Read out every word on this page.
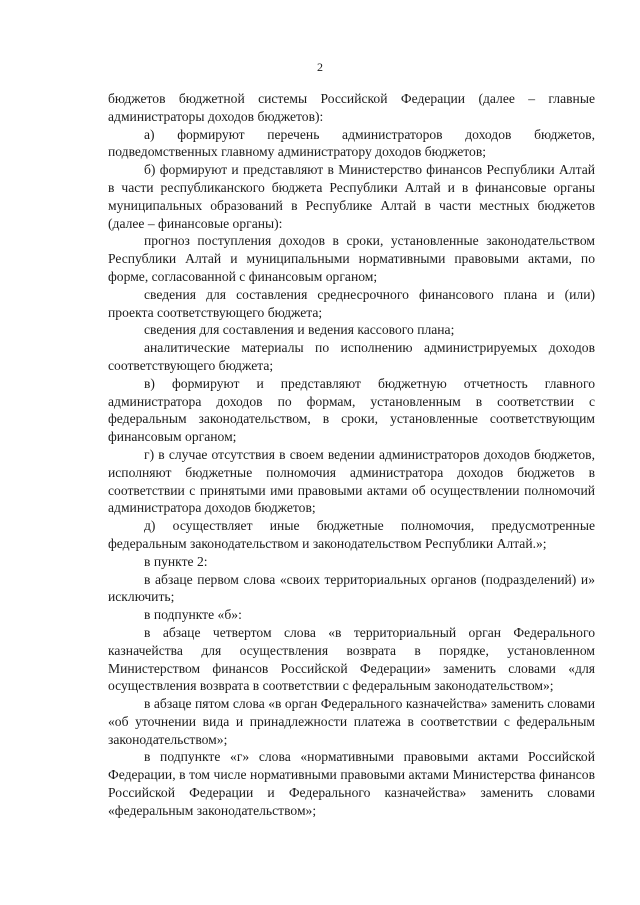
2

бюджетов бюджетной системы Российской Федерации (далее – главные администраторы доходов бюджетов):

а) формируют перечень администраторов доходов бюджетов, подведомственных главному администратору доходов бюджетов;

б) формируют и представляют в Министерство финансов Республики Алтай в части республиканского бюджета Республики Алтай и в финансовые органы муниципальных образований в Республике Алтай в части местных бюджетов (далее – финансовые органы):

прогноз поступления доходов в сроки, установленные законодательством Республики Алтай и муниципальными нормативными правовыми актами, по форме, согласованной с финансовым органом;

сведения для составления среднесрочного финансового плана и (или) проекта соответствующего бюджета;

сведения для составления и ведения кассового плана;

аналитические материалы по исполнению администрируемых доходов соответствующего бюджета;

в) формируют и представляют бюджетную отчетность главного администратора доходов по формам, установленным в соответствии с федеральным законодательством, в сроки, установленные соответствующим финансовым органом;

г) в случае отсутствия в своем ведении администраторов доходов бюджетов, исполняют бюджетные полномочия администратора доходов бюджетов в соответствии с принятыми ими правовыми актами об осуществлении полномочий администратора доходов бюджетов;

д) осуществляет иные бюджетные полномочия, предусмотренные федеральным законодательством и законодательством Республики Алтай.»;

в пункте 2:

в абзаце первом слова «своих территориальных органов (подразделений) и» исключить;

в подпункте «б»:

в абзаце четвертом слова «в территориальный орган Федерального казначейства для осуществления возврата в порядке, установленном Министерством финансов Российской Федерации» заменить словами «для осуществления возврата в соответствии с федеральным законодательством»;

в абзаце пятом слова «в орган Федерального казначейства» заменить словами «об уточнении вида и принадлежности платежа в соответствии с федеральным законодательством»;

в подпункте «г» слова «нормативными правовыми актами Российской Федерации, в том числе нормативными правовыми актами Министерства финансов Российской Федерации и Федерального казначейства» заменить словами «федеральным законодательством»;
